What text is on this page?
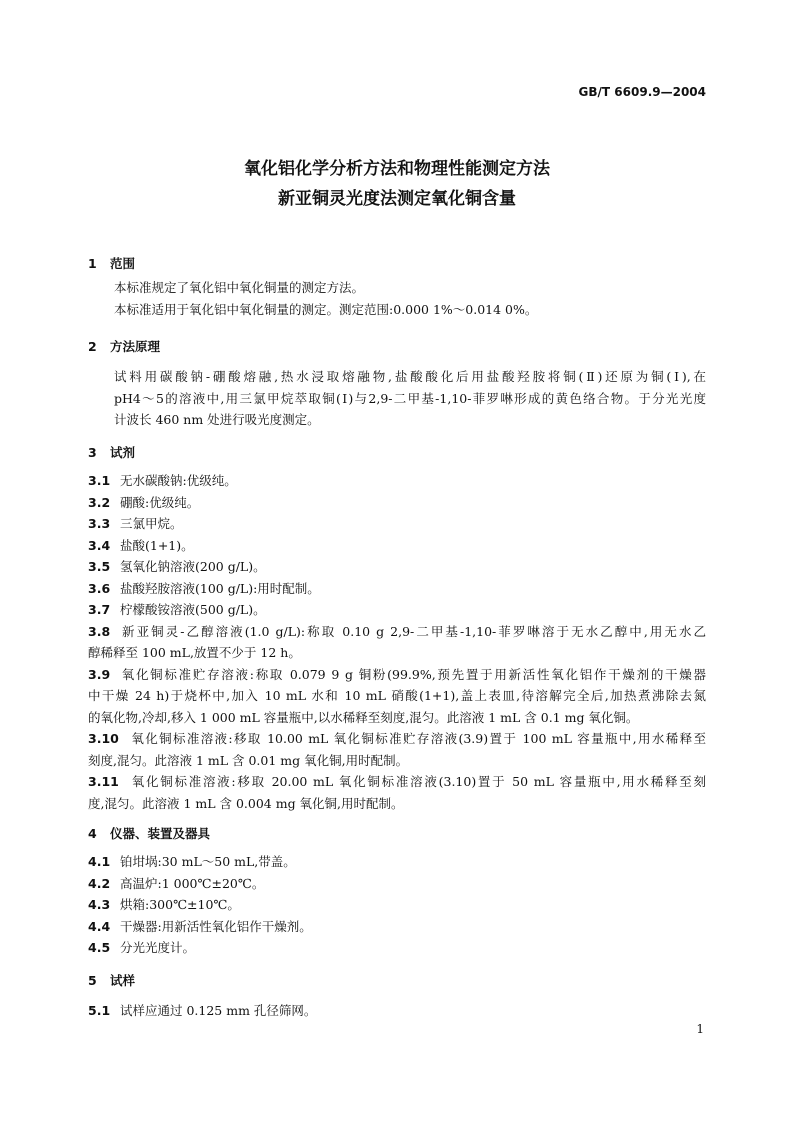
GB/T 6609.9—2004
氧化铝化学分析方法和物理性能测定方法
新亚铜灵光度法测定氧化铜含量
1 范围
本标准规定了氧化铝中氧化铜量的测定方法。
本标准适用于氧化铝中氧化铜量的测定。测定范围:0.000 1%～0.014 0%。
2 方法原理
试料用碳酸钠-硼酸熔融,热水浸取熔融物,盐酸酸化后用盐酸羟胺将铜(Ⅱ)还原为铜(Ⅰ),在
pH4～5的溶液中,用三氯甲烷萃取铜(Ⅰ)与2,9-二甲基-1,10-菲罗啉形成的黄色络合物。于分光光度
计波长 460 nm 处进行吸光度测定。
3 试剂
3.1 无水碳酸钠:优级纯。
3.2 硼酸:优级纯。
3.3 三氯甲烷。
3.4 盐酸(1+1)。
3.5 氢氧化钠溶液(200 g/L)。
3.6 盐酸羟胺溶液(100 g/L):用时配制。
3.7 柠檬酸铵溶液(500 g/L)。
3.8 新亚铜灵-乙醇溶液(1.0 g/L):称取 0.10 g 2,9-二甲基-1,10-菲罗啉溶于无水乙醇中,用无水乙
醇稀释至 100 mL,放置不少于 12 h。
3.9 氧化铜标准贮存溶液:称取 0.079 9 g 铜粉(99.9%,预先置于用新活性氧化铝作干燥剂的干燥器
中干燥 24 h)于烧杯中,加入 10 mL 水和 10 mL 硝酸(1+1),盖上表皿,待溶解完全后,加热煮沸除去氮
的氧化物,冷却,移入 1 000 mL 容量瓶中,以水稀释至刻度,混匀。此溶液 1 mL 含 0.1 mg 氧化铜。
3.10 氧化铜标准溶液:移取 10.00 mL 氧化铜标准贮存溶液(3.9)置于 100 mL 容量瓶中,用水稀释至
刻度,混匀。此溶液 1 mL 含 0.01 mg 氧化铜,用时配制。
3.11 氧化铜标准溶液:移取 20.00 mL 氧化铜标准溶液(3.10)置于 50 mL 容量瓶中,用水稀释至刻
度,混匀。此溶液 1 mL 含 0.004 mg 氧化铜,用时配制。
4 仪器、装置及器具
4.1 铂坩埚:30 mL～50 mL,带盖。
4.2 高温炉:1 000℃±20℃。
4.3 烘箱:300℃±10℃。
4.4 干燥器:用新活性氧化铝作干燥剂。
4.5 分光光度计。
5 试样
5.1 试样应通过 0.125 mm 孔径筛网。
1
